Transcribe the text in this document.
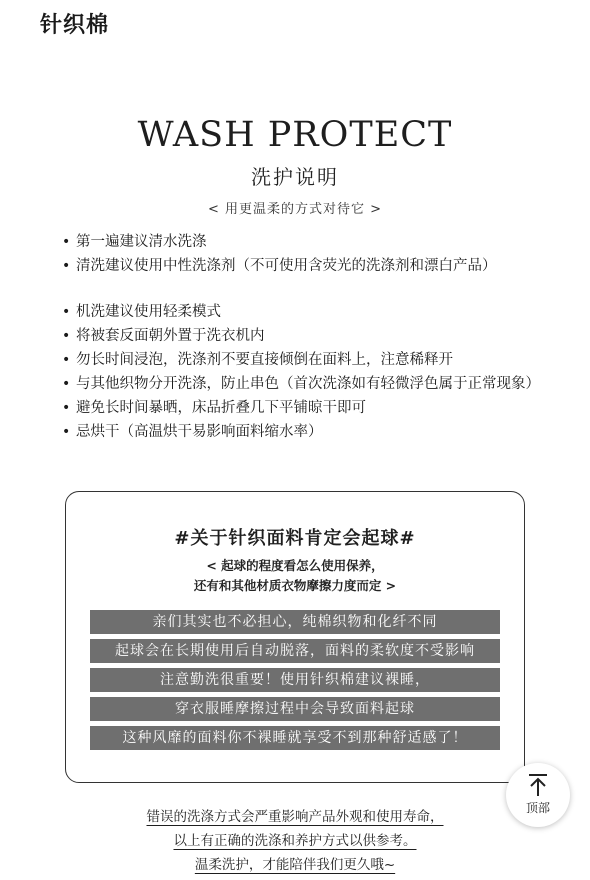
针织棉
WASH PROTECT
洗护说明
< 用更温柔的方式对待它 >
• 第一遍建议清水洗涤
• 清洗建议使用中性洗涤剂（不可使用含荧光的洗涤剂和漂白产品）
• 机洗建议使用轻柔模式
• 将被套反面朝外置于洗衣机内
• 勿长时间浸泡，洗涤剂不要直接倾倒在面料上，注意稀释开
• 与其他织物分开洗涤，防止串色（首次洗涤如有轻微浮色属于正常现象）
• 避免长时间暴晒，床品折叠几下平铺晾干即可
• 忌烘干（高温烘干易影响面料缩水率）
#关于针织面料肯定会起球#
< 起球的程度看怎么使用保养，
还有和其他材质衣物摩擦力度而定 >
亲们其实也不必担心，纯棉织物和化纤不同
起球会在长期使用后自动脱落，面料的柔软度不受影响
注意勤洗很重要！使用针织棉建议裸睡，
穿衣服睡摩擦过程中会导致面料起球
这种风靡的面料你不裸睡就享受不到那种舒适感了！
顶部
错误的洗涤方式会严重影响产品外观和使用寿命，
以上有正确的洗涤和养护方式以供参考。
温柔洗护，才能陪伴我们更久哦~
